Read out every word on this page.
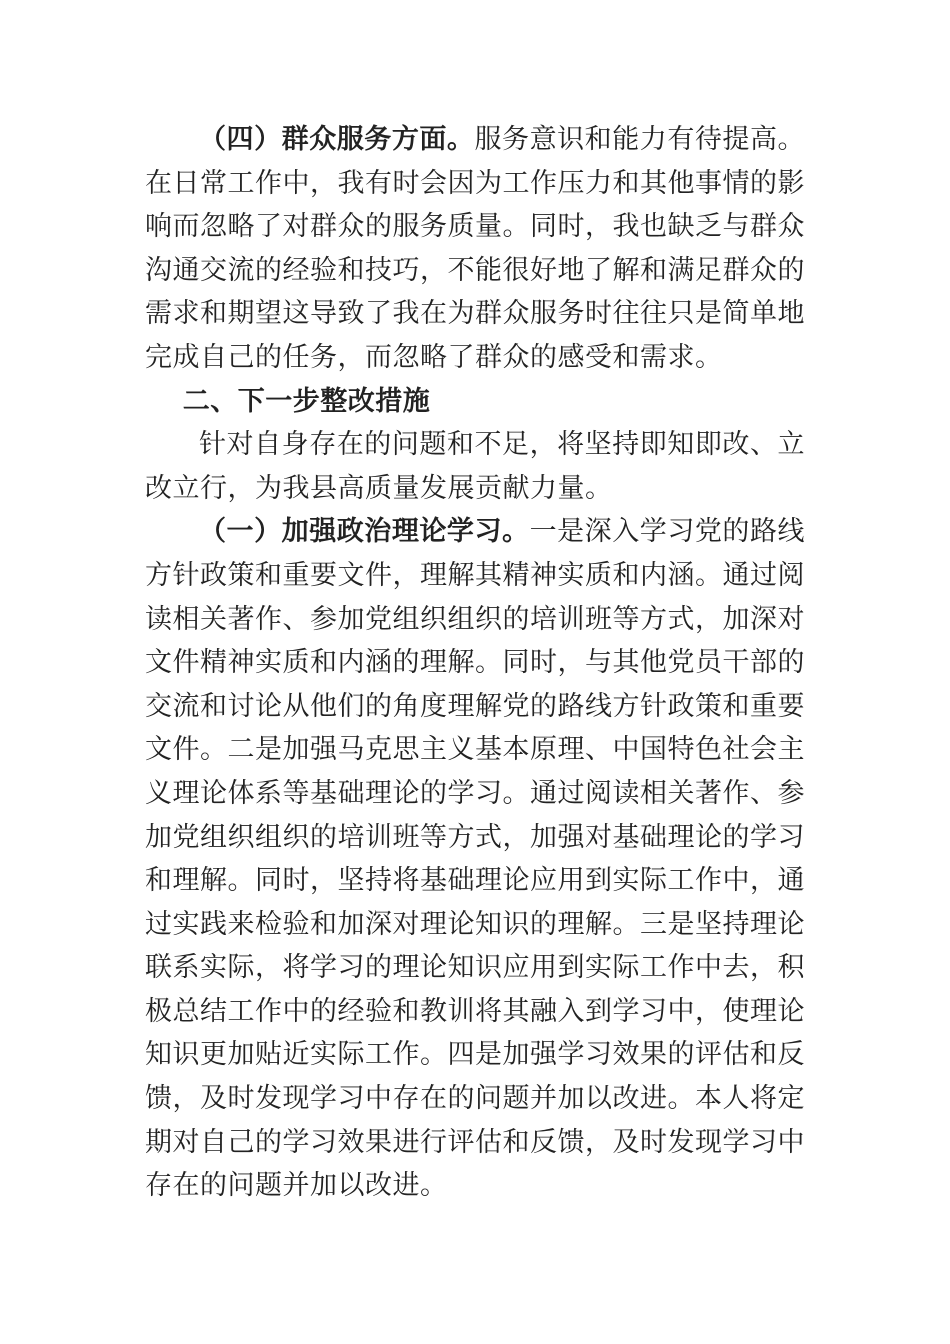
（四）群众服务方面。服务意识和能力有待提高。在日常工作中，我有时会因为工作压力和其他事情的影响而忽略了对群众的服务质量。同时，我也缺乏与群众沟通交流的经验和技巧，不能很好地了解和满足群众的需求和期望这导致了我在为群众服务时往往只是简单地完成自己的任务，而忽略了群众的感受和需求。

二、下一步整改措施

针对自身存在的问题和不足，将坚持即知即改、立改立行，为我县高质量发展贡献力量。

（一）加强政治理论学习。一是深入学习党的路线方针政策和重要文件，理解其精神实质和内涵。通过阅读相关著作、参加党组织组织的培训班等方式，加深对文件精神实质和内涵的理解。同时，与其他党员干部的交流和讨论从他们的角度理解党的路线方针政策和重要文件。二是加强马克思主义基本原理、中国特色社会主义理论体系等基础理论的学习。通过阅读相关著作、参加党组织组织的培训班等方式，加强对基础理论的学习和理解。同时，坚持将基础理论应用到实际工作中，通过实践来检验和加深对理论知识的理解。三是坚持理论联系实际，将学习的理论知识应用到实际工作中去，积极总结工作中的经验和教训将其融入到学习中，使理论知识更加贴近实际工作。四是加强学习效果的评估和反馈，及时发现学习中存在的问题并加以改进。本人将定期对自己的学习效果进行评估和反馈，及时发现学习中存在的问题并加以改进。
